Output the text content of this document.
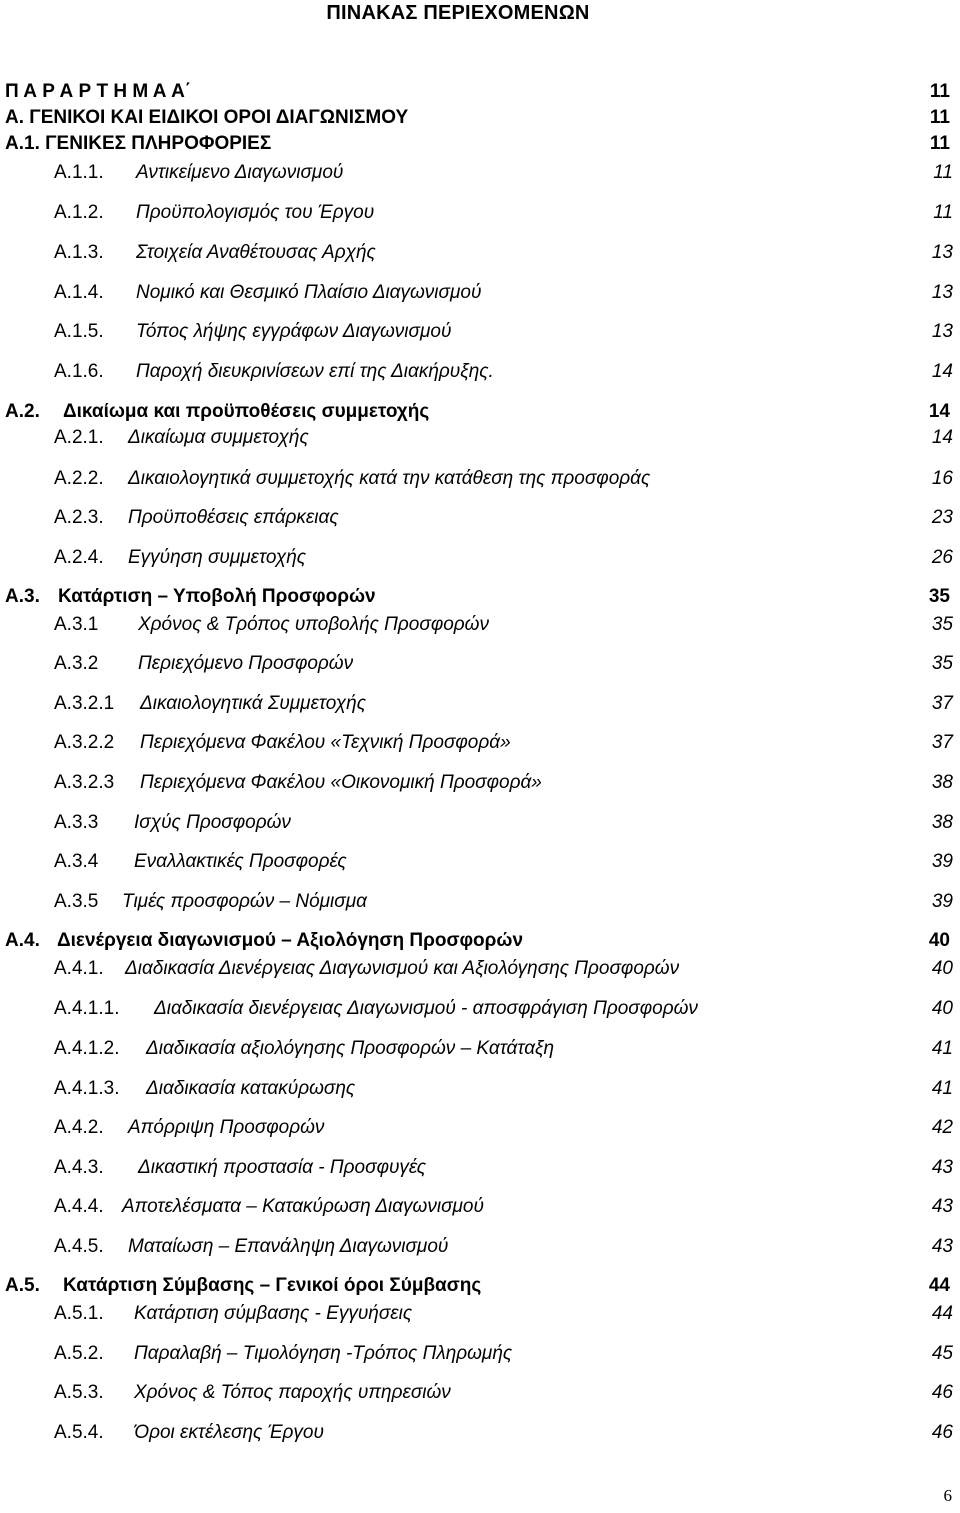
ΠΙΝΑΚΑΣ ΠΕΡΙΕΧΟΜΕΝΩΝ
Π Α Ρ Α Ρ Τ Η Μ Α Α΄	11
Α. ΓΕΝΙΚΟΙ ΚΑΙ ΕΙΔΙΚΟΙ ΟΡΟΙ ΔΙΑΓΩΝΙΣΜΟΥ	11
Α.1. ΓΕΝΙΚΕΣ ΠΛΗΡΟΦΟΡΙΕΣ	11
Α.1.1. Αντικείμενο Διαγωνισμού	11
Α.1.2. Προϋπολογισμός του Έργου	11
Α.1.3. Στοιχεία Αναθέτουσας Αρχής	13
Α.1.4. Νομικό και Θεσμικό Πλαίσιο Διαγωνισμού	13
Α.1.5. Τόπος λήψης εγγράφων Διαγωνισμού	13
Α.1.6. Παροχή διευκρινίσεων επί της Διακήρυξης.	14
Α.2. Δικαίωμα και προϋποθέσεις συμμετοχής	14
Α.2.1. Δικαίωμα συμμετοχής	14
Α.2.2. Δικαιολογητικά συμμετοχής κατά την κατάθεση της προσφοράς	16
Α.2.3. Προϋποθέσεις επάρκειας	23
Α.2.4. Εγγύηση συμμετοχής	26
Α.3. Κατάρτιση – Υποβολή Προσφορών	35
Α.3.1 Χρόνος & Τρόπος υποβολής Προσφορών	35
Α.3.2 Περιεχόμενο Προσφορών	35
Α.3.2.1 Δικαιολογητικά Συμμετοχής	37
Α.3.2.2 Περιεχόμενα Φακέλου «Τεχνική Προσφορά»	37
Α.3.2.3 Περιεχόμενα Φακέλου «Οικονομική Προσφορά»	38
Α.3.3 Ισχύς Προσφορών	38
Α.3.4 Εναλλακτικές Προσφορές	39
Α.3.5 Τιμές προσφορών – Νόμισμα	39
Α.4. Διενέργεια διαγωνισμού – Αξιολόγηση Προσφορών	40
Α.4.1. Διαδικασία Διενέργειας Διαγωνισμού και Αξιολόγησης Προσφορών	40
Α.4.1.1. Διαδικασία διενέργειας Διαγωνισμού - αποσφράγιση Προσφορών	40
Α.4.1.2. Διαδικασία αξιολόγησης Προσφορών – Κατάταξη	41
Α.4.1.3. Διαδικασία κατακύρωσης	41
Α.4.2. Απόρριψη Προσφορών	42
Α.4.3. Δικαστική προστασία - Προσφυγές	43
Α.4.4. Αποτελέσματα – Κατακύρωση Διαγωνισμού	43
Α.4.5. Ματαίωση – Επανάληψη Διαγωνισμού	43
Α.5. Κατάρτιση Σύμβασης – Γενικοί όροι Σύμβασης	44
Α.5.1. Κατάρτιση σύμβασης - Εγγυήσεις	44
Α.5.2. Παραλαβή – Τιμολόγηση -Τρόπος Πληρωμής	45
Α.5.3. Χρόνος & Τόπος παροχής υπηρεσιών	46
Α.5.4. Όροι εκτέλεσης Έργου	46
6
